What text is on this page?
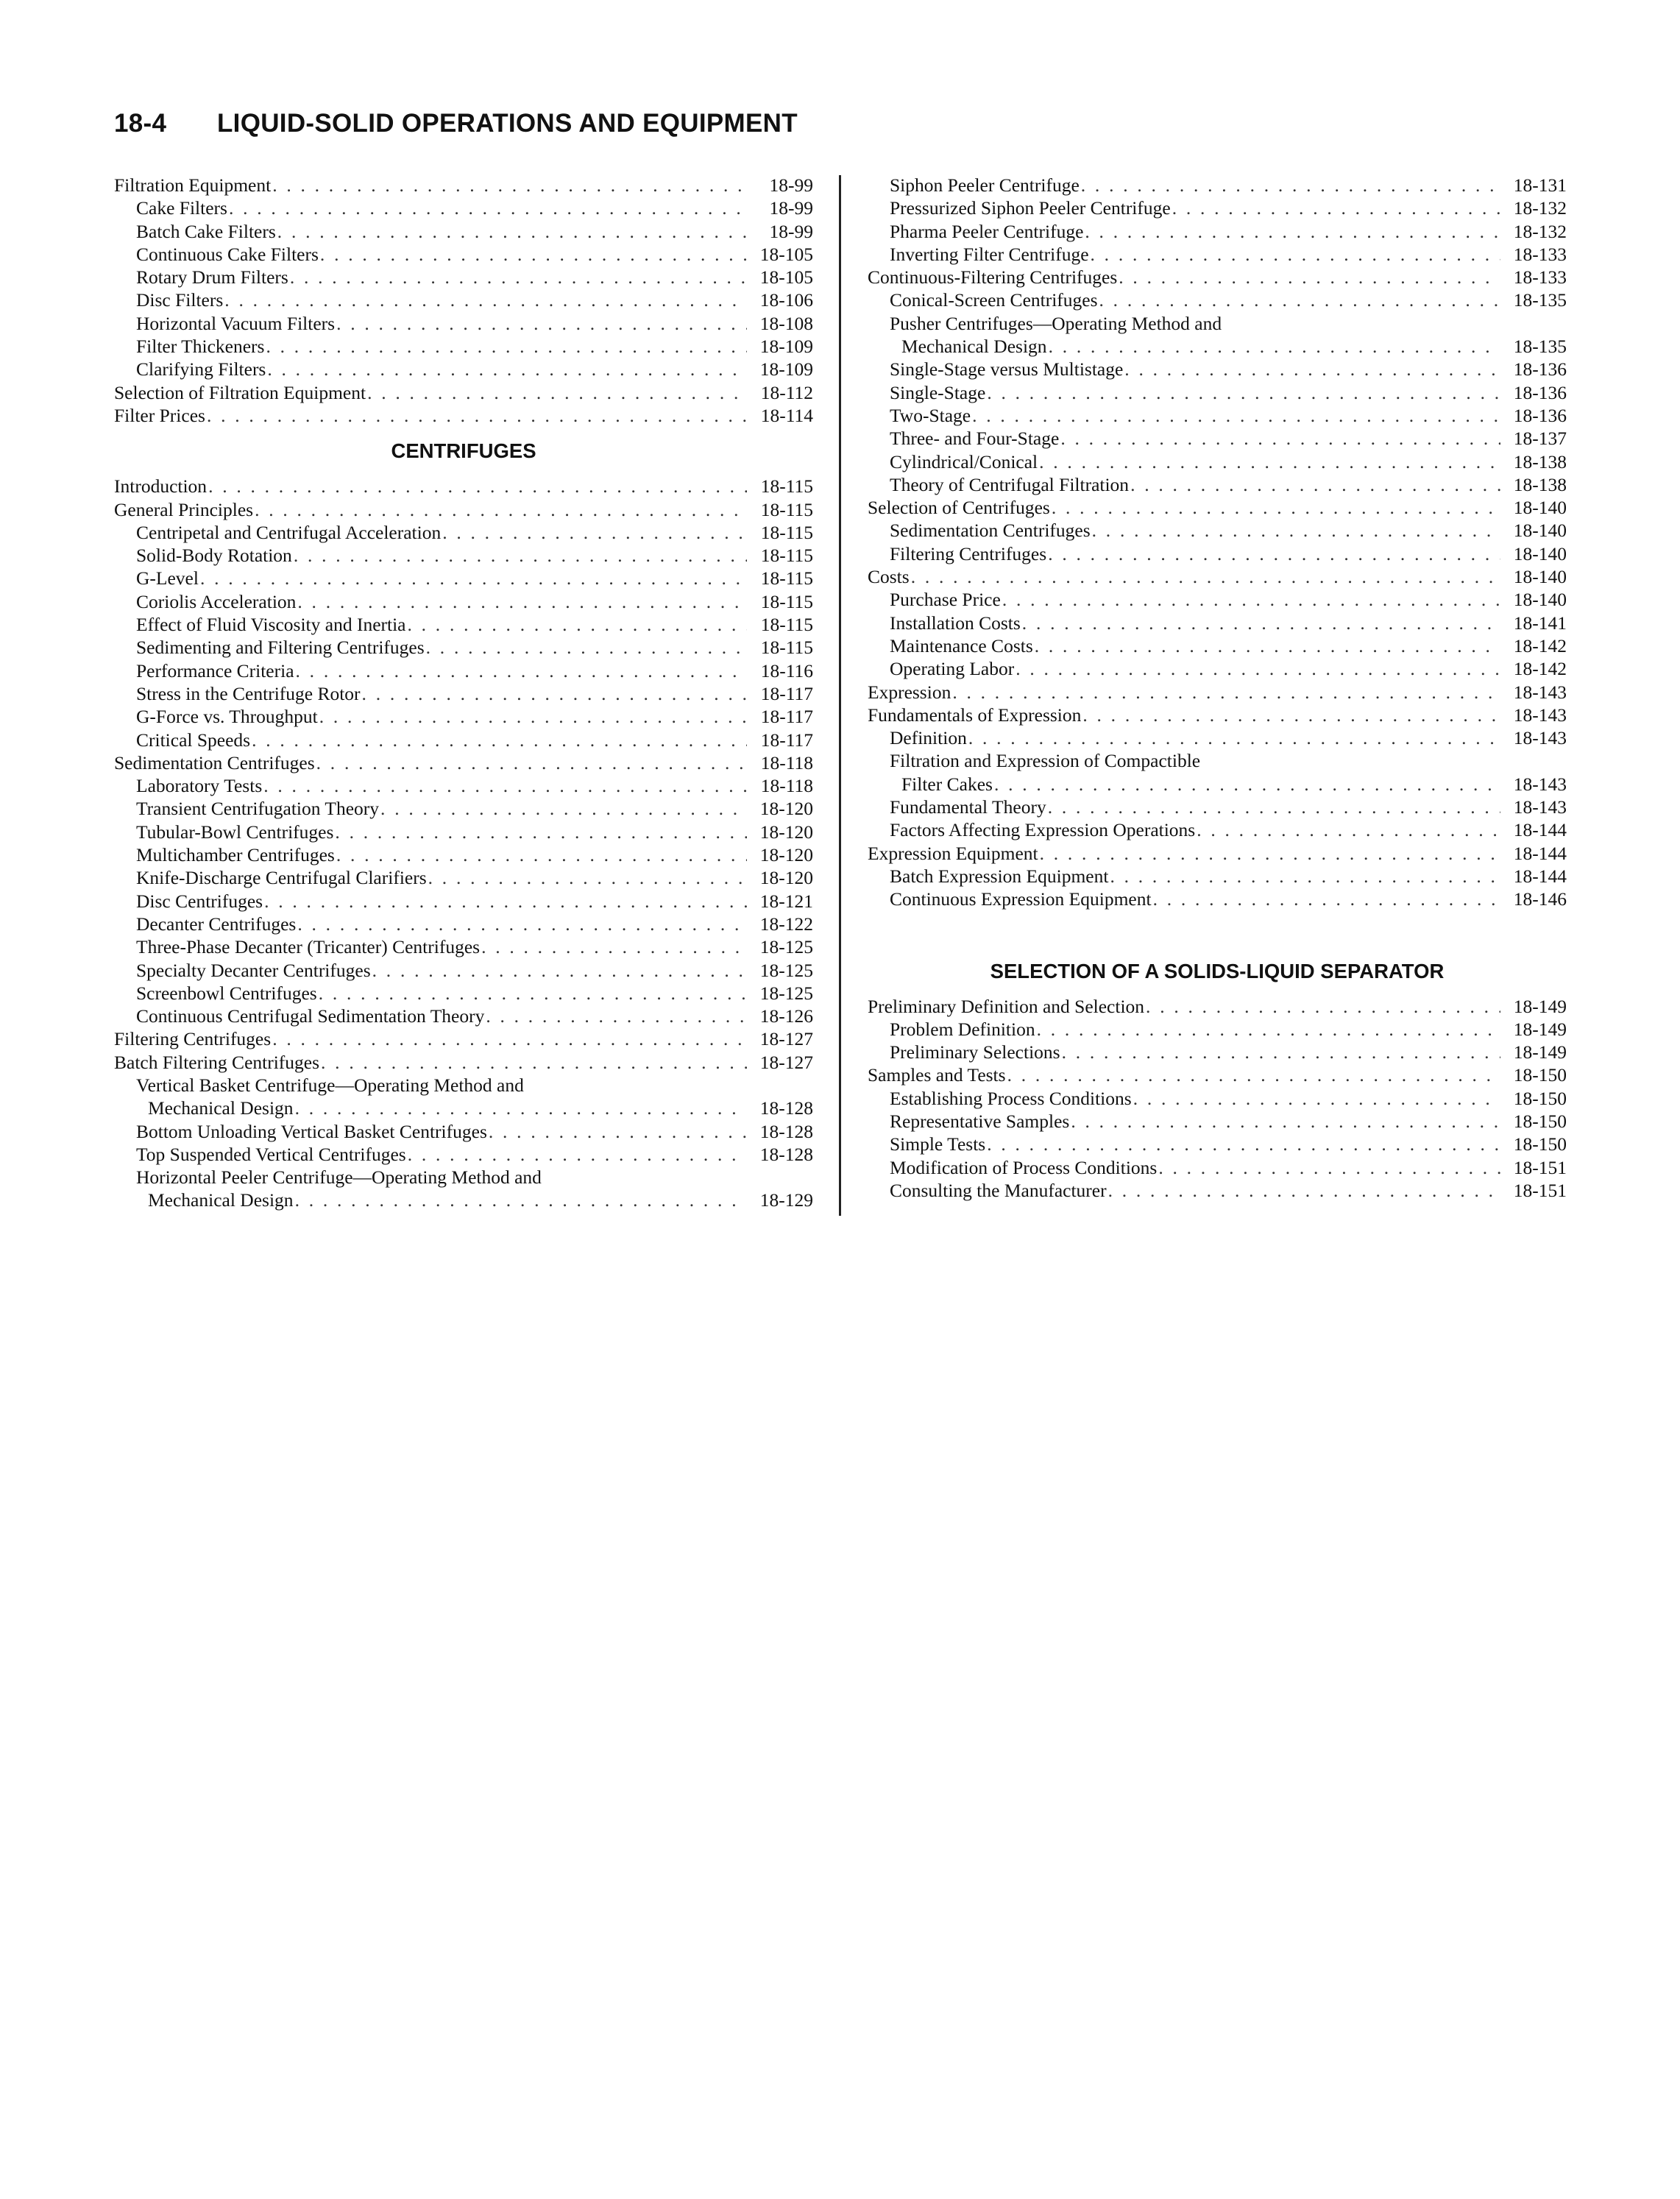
18-4 LIQUID-SOLID OPERATIONS AND EQUIPMENT
Filtration Equipment . . .	18-99
Cake Filters . . .	18-99
Batch Cake Filters . . .	18-99
Continuous Cake Filters . . .	18-105
Rotary Drum Filters . . .	18-105
Disc Filters . . .	18-106
Horizontal Vacuum Filters . . .	18-108
Filter Thickeners . . .	18-109
Clarifying Filters . . .	18-109
Selection of Filtration Equipment . . .	18-112
Filter Prices . . .	18-114
CENTRIFUGES
Introduction . . .	18-115
General Principles . . .	18-115
Centripetal and Centrifugal Acceleration . . .	18-115
Solid-Body Rotation . . .	18-115
G-Level . . .	18-115
Coriolis Acceleration . . .	18-115
Effect of Fluid Viscosity and Inertia . . .	18-115
Sedimenting and Filtering Centrifuges . . .	18-115
Performance Criteria . . .	18-116
Stress in the Centrifuge Rotor . . .	18-117
G-Force vs. Throughput . . .	18-117
Critical Speeds . . .	18-117
Sedimentation Centrifuges . . .	18-118
Laboratory Tests . . .	18-118
Transient Centrifugation Theory . . .	18-120
Tubular-Bowl Centrifuges . . .	18-120
Multichamber Centrifuges . . .	18-120
Knife-Discharge Centrifugal Clarifiers . . .	18-120
Disc Centrifuges . . .	18-121
Decanter Centrifuges . . .	18-122
Three-Phase Decanter (Tricanter) Centrifuges . . .	18-125
Specialty Decanter Centrifuges . . .	18-125
Screenbowl Centrifuges . . .	18-125
Continuous Centrifugal Sedimentation Theory . . .	18-126
Filtering Centrifuges . . .	18-127
Batch Filtering Centrifuges . . .	18-127
Vertical Basket Centrifuge—Operating Method and
Mechanical Design . . .	18-128
Bottom Unloading Vertical Basket Centrifuges . . .	18-128
Top Suspended Vertical Centrifuges . . .	18-128
Horizontal Peeler Centrifuge—Operating Method and
Mechanical Design . . .	18-129
Siphon Peeler Centrifuge . . .	18-131
Pressurized Siphon Peeler Centrifuge . . .	18-132
Pharma Peeler Centrifuge . . .	18-132
Inverting Filter Centrifuge . . .	18-133
Continuous-Filtering Centrifuges . . .	18-133
Conical-Screen Centrifuges . . .	18-135
Pusher Centrifuges—Operating Method and
Mechanical Design . . .	18-135
Single-Stage versus Multistage . . .	18-136
Single-Stage . . .	18-136
Two-Stage . . .	18-136
Three- and Four-Stage . . .	18-137
Cylindrical/Conical . . .	18-138
Theory of Centrifugal Filtration . . .	18-138
Selection of Centrifuges . . .	18-140
Sedimentation Centrifuges . . .	18-140
Filtering Centrifuges . . .	18-140
Costs . . .	18-140
Purchase Price . . .	18-140
Installation Costs . . .	18-141
Maintenance Costs . . .	18-142
Operating Labor . . .	18-142
Expression . . .	18-143
Fundamentals of Expression . . .	18-143
Definition . . .	18-143
Filtration and Expression of Compactible
Filter Cakes . . .	18-143
Fundamental Theory . . .	18-143
Factors Affecting Expression Operations . . .	18-144
Expression Equipment . . .	18-144
Batch Expression Equipment . . .	18-144
Continuous Expression Equipment . . .	18-146
SELECTION OF A SOLIDS-LIQUID SEPARATOR
Preliminary Definition and Selection . . .	18-149
Problem Definition . . .	18-149
Preliminary Selections . . .	18-149
Samples and Tests . . .	18-150
Establishing Process Conditions . . .	18-150
Representative Samples . . .	18-150
Simple Tests . . .	18-150
Modification of Process Conditions . . .	18-151
Consulting the Manufacturer . . .	18-151
